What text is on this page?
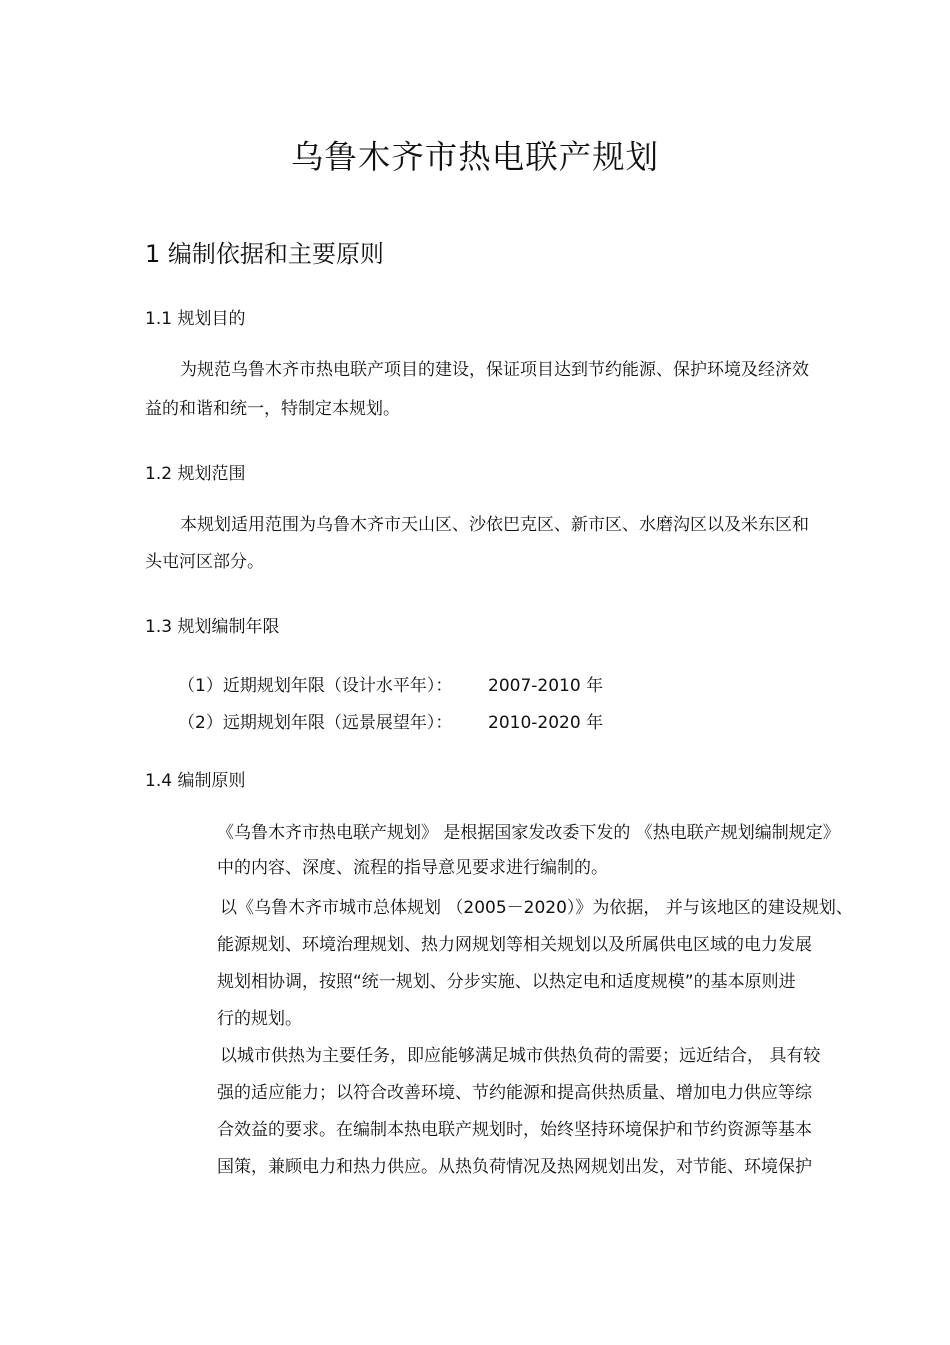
乌鲁木齐市热电联产规划
1 编制依据和主要原则
1.1 规划目的
为规范乌鲁木齐市热电联产项目的建设，保证项目达到节约能源、保护环境及经济效
益的和谐和统一，特制定本规划。
1.2 规划范围
本规划适用范围为乌鲁木齐市天山区、沙依巴克区、新市区、水磨沟区以及米东区和
头屯河区部分。
1.3 规划编制年限
（1）近期规划年限（设计水平年）： 2007-2010 年
（2）远期规划年限（远景展望年）： 2010-2020 年
1.4 编制原则
《乌鲁木齐市热电联产规划》 是根据国家发改委下发的 《热电联产规划编制规定》
中的内容、深度、流程的指导意见要求进行编制的。
以《乌鲁木齐市城市总体规划 （2005－2020）》为依据， 并与该地区的建设规划、
能源规划、环境治理规划、热力网规划等相关规划以及所属供电区域的电力发展
规划相协调，按照“统一规划、分步实施、以热定电和适度规模”的基本原则进
行的规划。
以城市供热为主要任务，即应能够满足城市供热负荷的需要；远近结合， 具有较
强的适应能力；以符合改善环境、节约能源和提高供热质量、增加电力供应等综
合效益的要求。在编制本热电联产规划时，始终坚持环境保护和节约资源等基本
国策，兼顾电力和热力供应。从热负荷情况及热网规划出发，对节能、环境保护
